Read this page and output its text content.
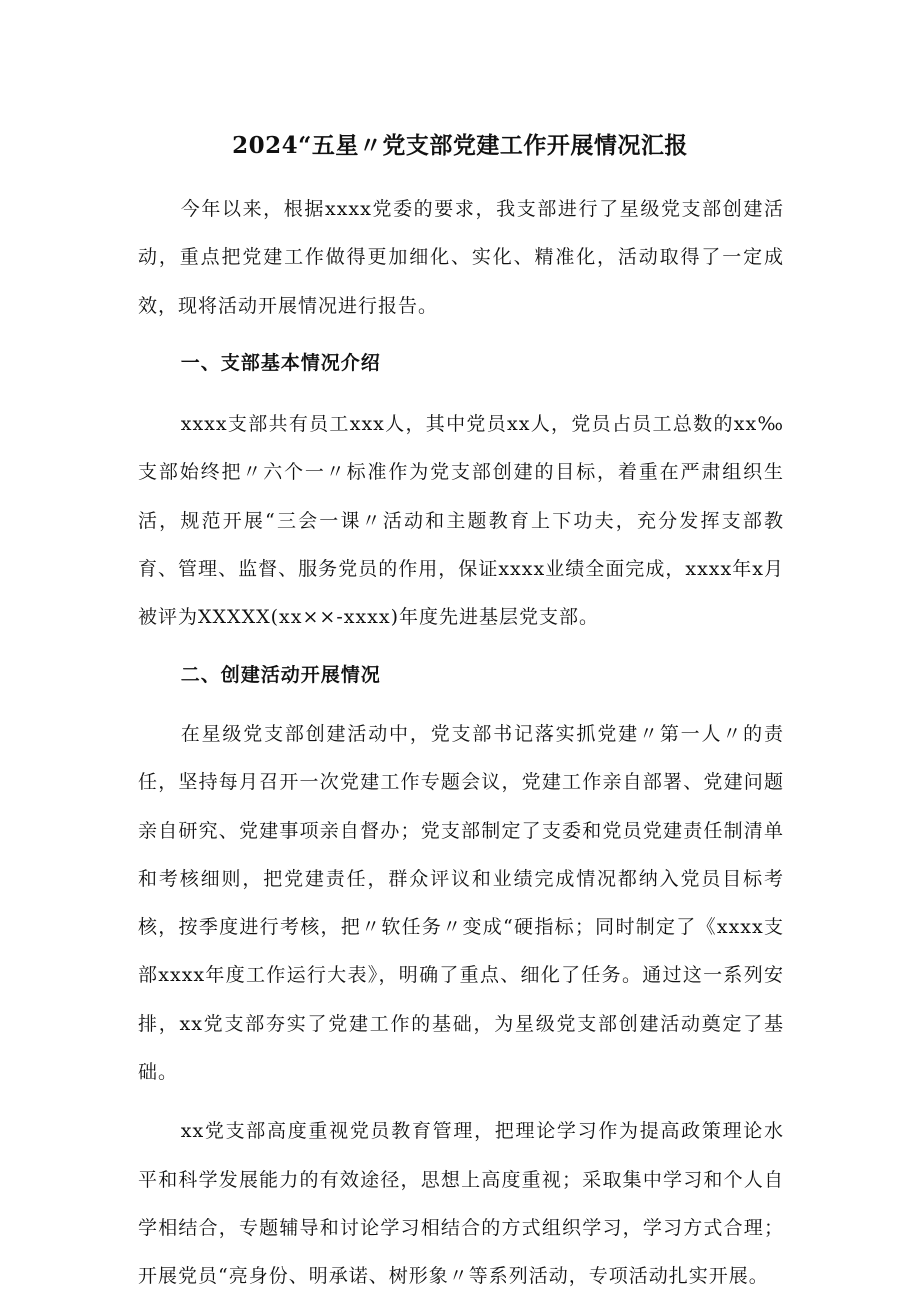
2024“五星〃党支部党建工作开展情况汇报

今年以来，根据xxxx党委的要求，我支部进行了星级党支部创建活动，重点把党建工作做得更加细化、实化、精准化，活动取得了一定成效，现将活动开展情况进行报告。

一、支部基本情况介绍

xxxx支部共有员工xxx人，其中党员xx人，党员占员工总数的xx‰支部始终把〃六个一〃标准作为党支部创建的目标，着重在严肃组织生活，规范开展“三会一课〃活动和主题教育上下功夫，充分发挥支部教育、管理、监督、服务党员的作用，保证xxxx业绩全面完成，xxxx年x月被评为XXXXX(xx××-xxxx)年度先进基层党支部。

二、创建活动开展情况

在星级党支部创建活动中，党支部书记落实抓党建〃第一人〃的责任，坚持每月召开一次党建工作专题会议，党建工作亲自部署、党建问题亲自研究、党建事项亲自督办；党支部制定了支委和党员党建责任制清单和考核细则，把党建责任，群众评议和业绩完成情况都纳入党员目标考核，按季度进行考核，把〃软任务〃变成“硬指标；同时制定了《xxxx支部xxxx年度工作运行大表》，明确了重点、细化了任务。通过这一系列安排，xx党支部夯实了党建工作的基础，为星级党支部创建活动奠定了基础。

xx党支部高度重视党员教育管理，把理论学习作为提高政策理论水平和科学发展能力的有效途径，思想上高度重视；采取集中学习和个人自学相结合，专题辅导和讨论学习相结合的方式组织学习，学习方式合理；开展党员“亮身份、明承诺、树形象〃等系列活动，专项活动扎实开展。
